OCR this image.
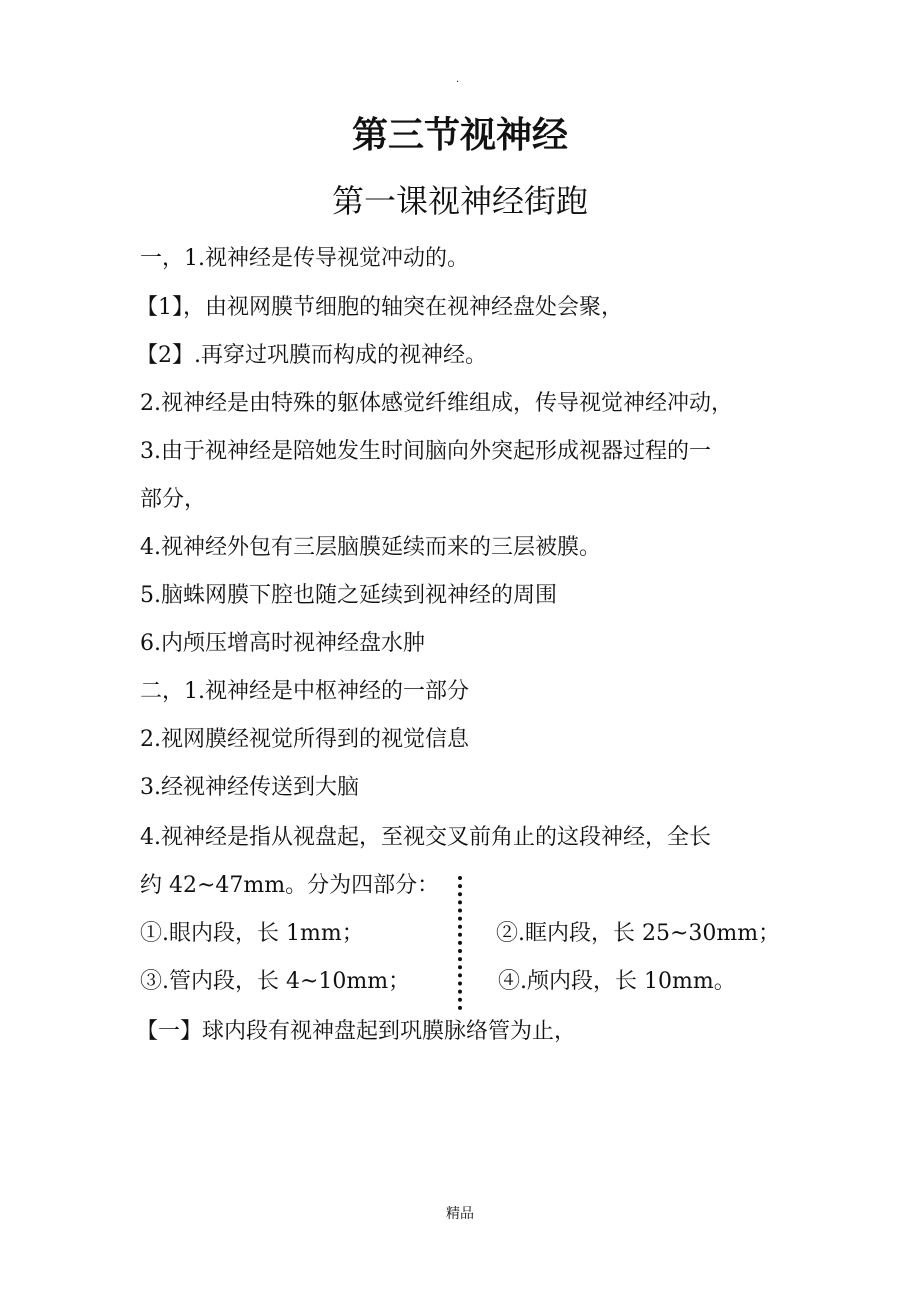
.
第三节视神经
第一课视神经街跑

一，1.视神经是传导视觉冲动的。

【1】，由视网膜节细胞的轴突在视神经盘处会聚，

【2】.再穿过巩膜而构成的视神经。

2.视神经是由特殊的躯体感觉纤维组成，传导视觉神经冲动，

3.由于视神经是陪她发生时间脑向外突起形成视器过程的一

部分，

4.视神经外包有三层脑膜延续而来的三层被膜。

5.脑蛛网膜下腔也随之延续到视神经的周围

6.内颅压增高时视神经盘水肿

二，1.视神经是中枢神经的一部分

2.视网膜经视觉所得到的视觉信息

3.经视神经传送到大脑

4.视神经是指从视盘起，至视交叉前角止的这段神经，全长

约 42~47mm。分为四部分：

①.眼内段，长 1mm；	②.眶内段，长 25~30mm；
③.管内段，长 4~10mm；	④.颅内段，长 10mm。

【一】球内段有视神盘起到巩膜脉络管为止，

精品
